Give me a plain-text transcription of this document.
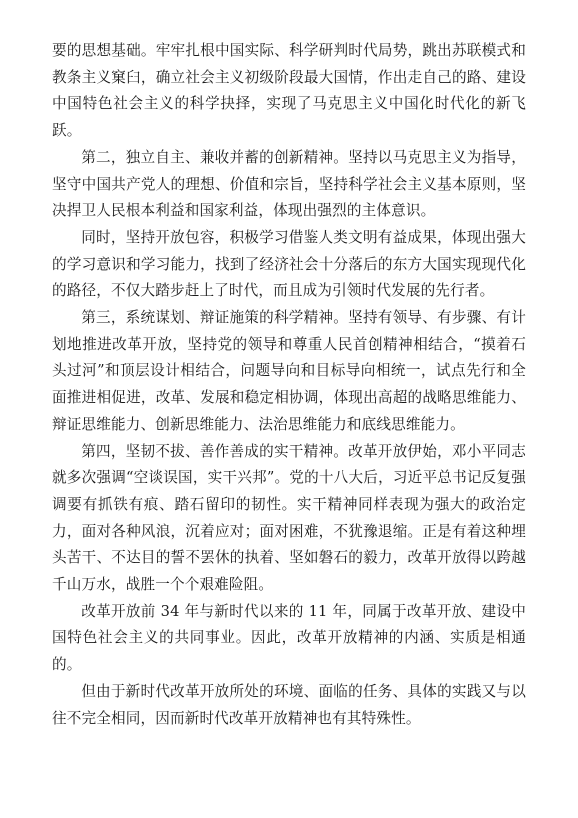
要的思想基础。牢牢扎根中国实际、科学研判时代局势，跳出苏联模式和教条主义窠臼，确立社会主义初级阶段最大国情，作出走自己的路、建设中国特色社会主义的科学抉择，实现了马克思主义中国化时代化的新飞跃。

第二，独立自主、兼收并蓄的创新精神。坚持以马克思主义为指导，坚守中国共产党人的理想、价值和宗旨，坚持科学社会主义基本原则，坚决捍卫人民根本利益和国家利益，体现出强烈的主体意识。

同时，坚持开放包容，积极学习借鉴人类文明有益成果，体现出强大的学习意识和学习能力，找到了经济社会十分落后的东方大国实现现代化的路径，不仅大踏步赶上了时代，而且成为引领时代发展的先行者。

第三，系统谋划、辩证施策的科学精神。坚持有领导、有步骤、有计划地推进改革开放，坚持党的领导和尊重人民首创精神相结合，“摸着石头过河”和顶层设计相结合，问题导向和目标导向相统一，试点先行和全面推进相促进，改革、发展和稳定相协调，体现出高超的战略思维能力、辩证思维能力、创新思维能力、法治思维能力和底线思维能力。

第四，坚韧不拔、善作善成的实干精神。改革开放伊始，邓小平同志就多次强调“空谈误国，实干兴邦”。党的十八大后，习近平总书记反复强调要有抓铁有痕、踏石留印的韧性。实干精神同样表现为强大的政治定力，面对各种风浪，沉着应对；面对困难，不犹豫退缩。正是有着这种埋头苦干、不达目的誓不罢休的执着、坚如磐石的毅力，改革开放得以跨越千山万水，战胜一个个艰难险阻。

改革开放前 34 年与新时代以来的 11 年，同属于改革开放、建设中国特色社会主义的共同事业。因此，改革开放精神的内涵、实质是相通的。

但由于新时代改革开放所处的环境、面临的任务、具体的实践又与以往不完全相同，因而新时代改革开放精神也有其特殊性。
